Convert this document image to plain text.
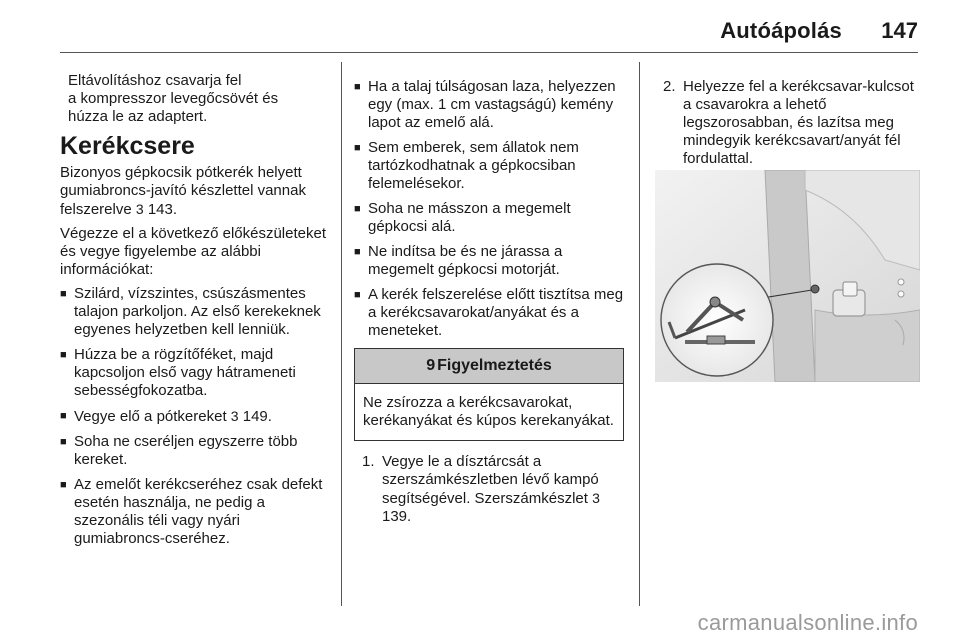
Autóápolás 147
Eltávolításhoz csavarja fel
a kompresszor levegőcsövét és
húzza le az adaptert.
Kerékcsere
Bizonyos gépkocsik pótkerék helyett gumiabroncs-javító készlettel vannak felszerelve 3 143.
Végezze el a következő előkészületeket és vegye figyelembe az alábbi információkat:
■ Szilárd, vízszintes, csúszásmentes talajon parkoljon. Az első kerekeknek egyenes helyzetben kell lenniük.
■ Húzza be a rögzítőféket, majd kapcsoljon első vagy hátrameneti sebességfokozatba.
■ Vegye elő a pótkereket 3 149.
■ Soha ne cseréljen egyszerre több kereket.
■ Az emelőt kerékcseréhez csak defekt esetén használja, ne pedig a szezonális téli vagy nyári gumiabroncs-cseréhez.
■ Ha a talaj túlságosan laza, helyezzen egy (max. 1 cm vastagságú) kemény lapot az emelő alá.
■ Sem emberek, sem állatok nem tartózkodhatnak a gépkocsiban felemelésekor.
■ Soha ne másszon a megemelt gépkocsi alá.
■ Ne indítsa be és ne járassa a megemelt gépkocsi motorját.
■ A kerék felszerelése előtt tisztítsa meg a kerékcsavarokat/anyákat és a meneteket.
9 Figyelmeztetés
Ne zsírozza a kerékcsavarokat, kerékanyákat és kúpos kerekanyákat.
1. Vegye le a dísztárcsát a szerszámkészletben lévő kampó segítségével. Szerszámkészlet 3 139.
2. Helyezze fel a kerékcsavar-kulcsot a csavarokra a lehető legszorosabban, és lazítsa meg mindegyik kerékcsavart/anyát fél fordulattal.
carmanualsonline.info
